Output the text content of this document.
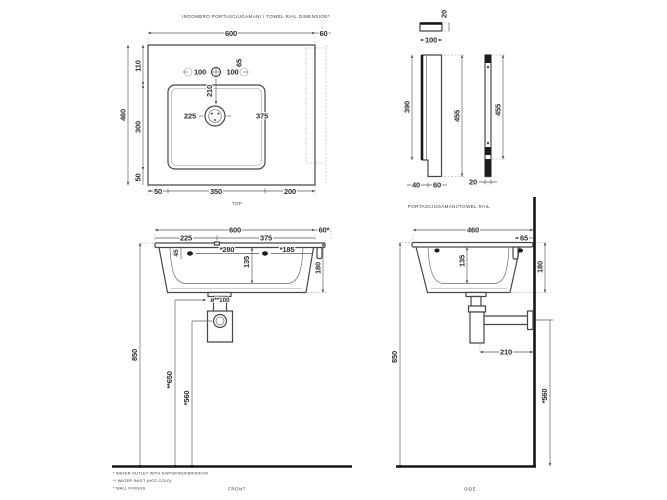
INGOMBRO PORTASCIUGAMANI / TOWEL RAIL DIMENSION*
600	60
110
460
300
50
50	350	200
100	100
65
210
225	375
TOP
20
100
390
455
40 60
455
20
PORTASCIUGAMANI/TOWEL RAIL
600	60*
225	375
45	*280
135
*185
180
ø**100
850
**650
*560
* WATER OUTLET WITH SISPSIFNSIFBRISIFCM
** WATER INLET (HOT-COLD)
* WALL FIXINGS	FRONT
460
65
135
180
210
850
*560
SIDE
